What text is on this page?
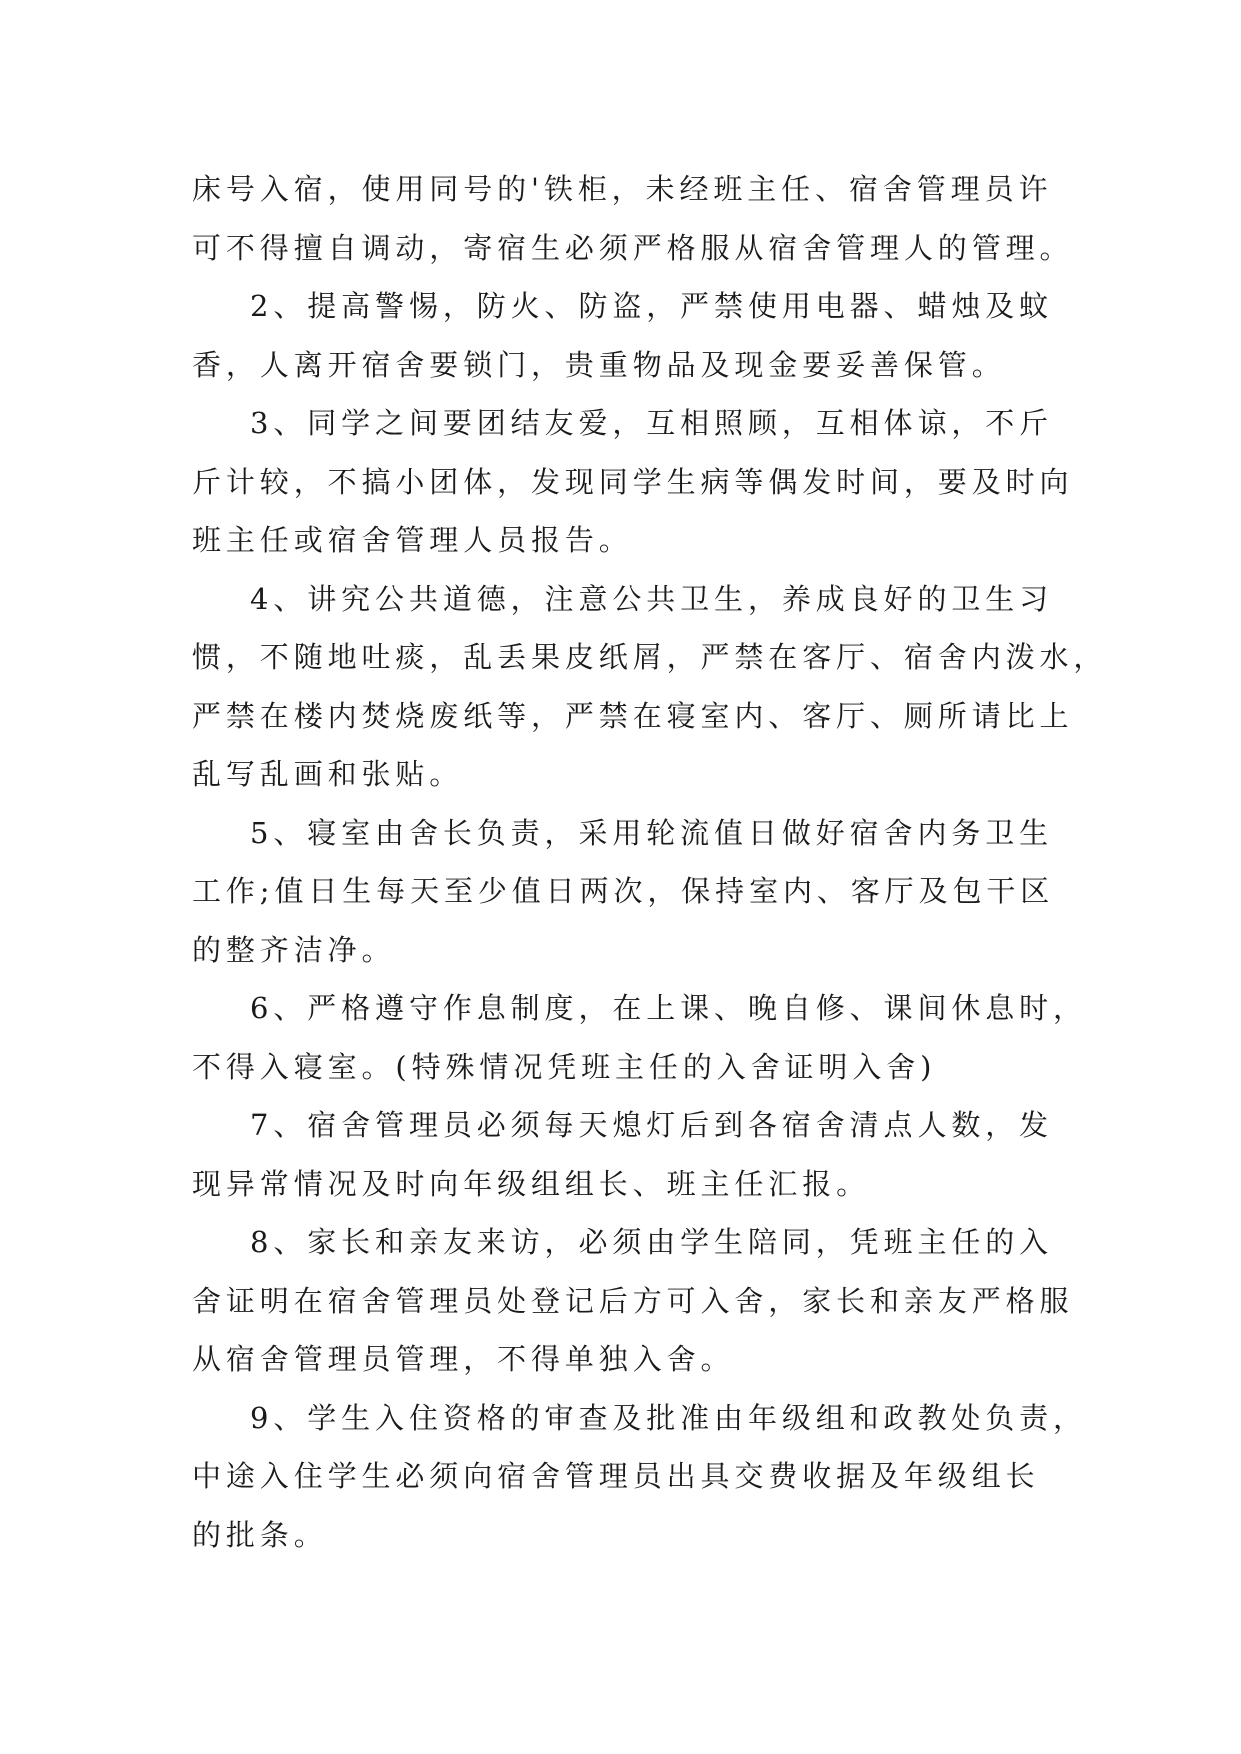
床号入宿，使用同号的'铁柜，未经班主任、宿舍管理员许
可不得擅自调动，寄宿生必须严格服从宿舍管理人的管理。
2、提高警惕，防火、防盗，严禁使用电器、蜡烛及蚊
香，人离开宿舍要锁门，贵重物品及现金要妥善保管。
3、同学之间要团结友爱，互相照顾，互相体谅，不斤
斤计较，不搞小团体，发现同学生病等偶发时间，要及时向
班主任或宿舍管理人员报告。
4、讲究公共道德，注意公共卫生，养成良好的卫生习
惯，不随地吐痰，乱丢果皮纸屑，严禁在客厅、宿舍内泼水，
严禁在楼内焚烧废纸等，严禁在寝室内、客厅、厕所请比上
乱写乱画和张贴。
5、寝室由舍长负责，采用轮流值日做好宿舍内务卫生
工作;值日生每天至少值日两次，保持室内、客厅及包干区
的整齐洁净。
6、严格遵守作息制度，在上课、晚自修、课间休息时，
不得入寝室。(特殊情况凭班主任的入舍证明入舍)
7、宿舍管理员必须每天熄灯后到各宿舍清点人数，发
现异常情况及时向年级组组长、班主任汇报。
8、家长和亲友来访，必须由学生陪同，凭班主任的入
舍证明在宿舍管理员处登记后方可入舍，家长和亲友严格服
从宿舍管理员管理，不得单独入舍。
9、学生入住资格的审查及批准由年级组和政教处负责，
中途入住学生必须向宿舍管理员出具交费收据及年级组长
的批条。
